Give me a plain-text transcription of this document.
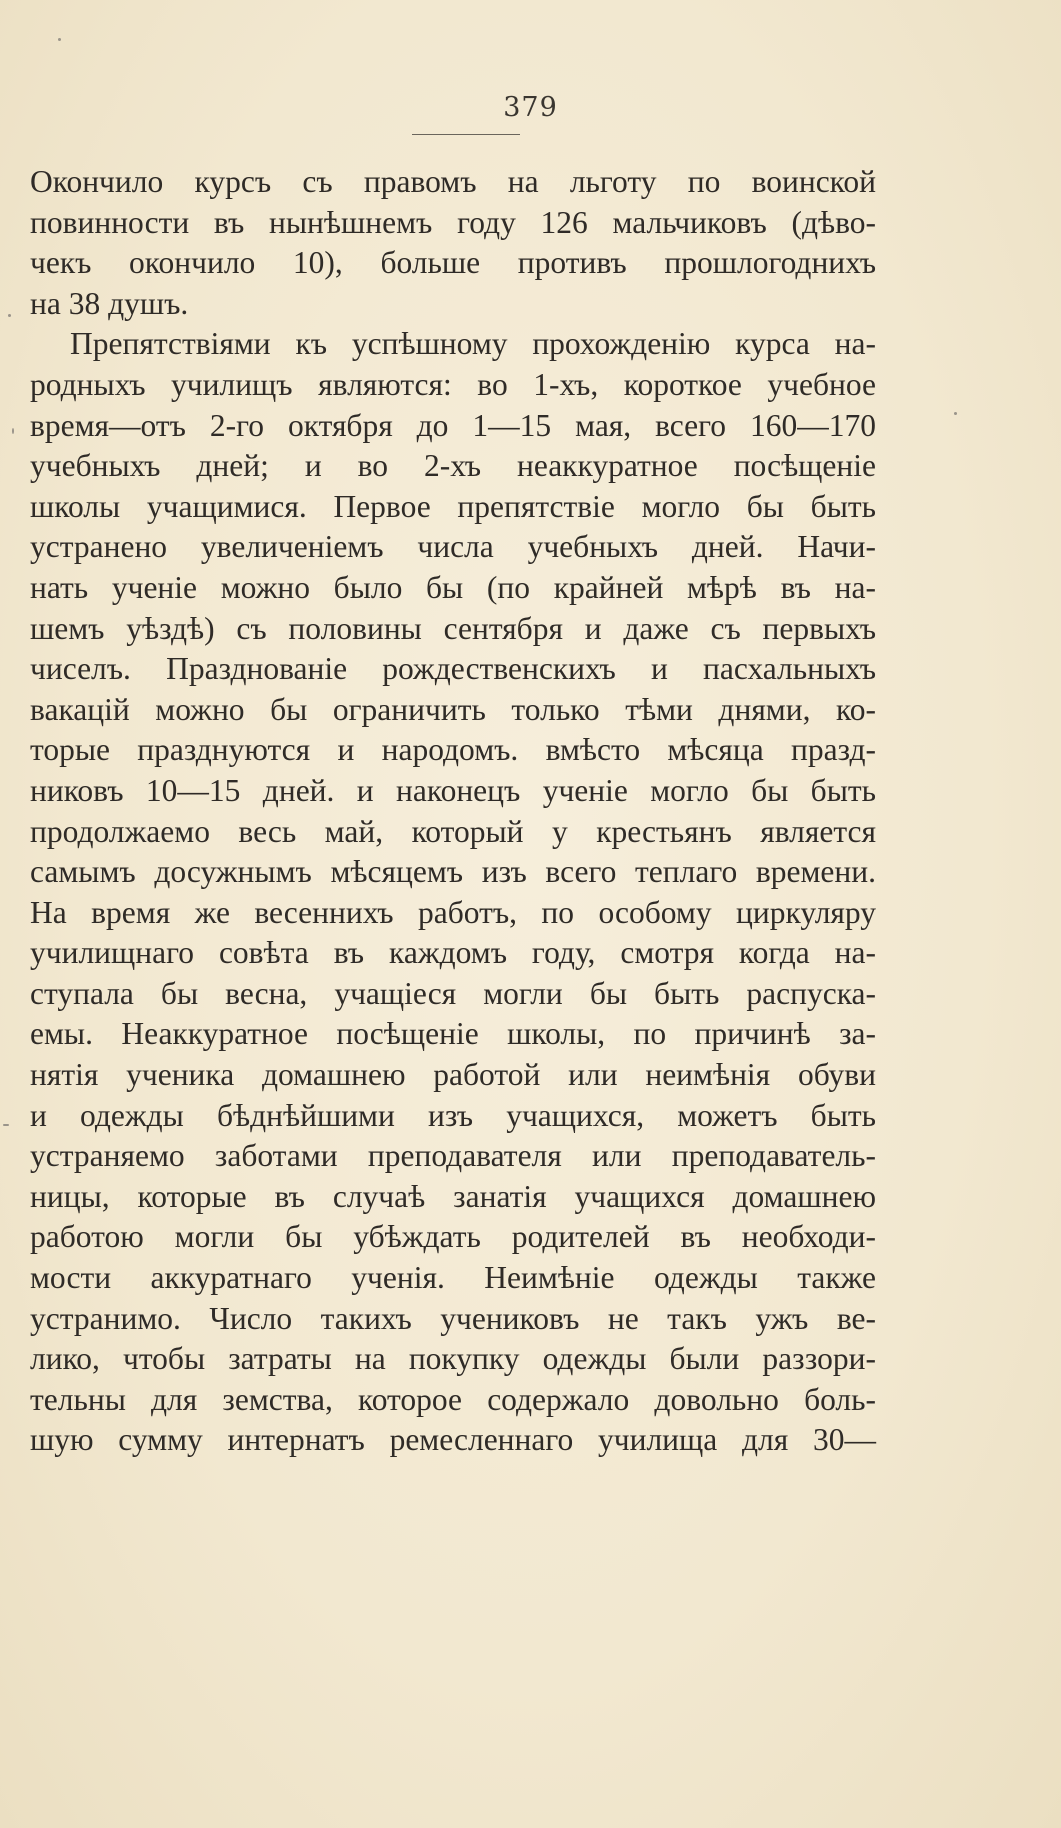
379
Окончило курсъ съ правомъ на льготу по воинской
повинности въ нынѣшнемъ году 126 мальчиковъ (дѣво-
чекъ окончило 10), больше противъ прошлогоднихъ
на 38 душъ.
Препятствіями къ успѣшному прохожденію курса на-
родныхъ училищъ являются: во 1-хъ, короткое учебное
время—отъ 2-го октября до 1—15 мая, всего 160—170
учебныхъ дней; и во 2-хъ неаккуратное посѣщеніе
школы учащимися. Первое препятствіе могло бы быть
устранено увеличеніемъ числа учебныхъ дней. Начи-
нать ученіе можно было бы (по крайней мѣрѣ въ на-
шемъ уѣздѣ) съ половины сентября и даже съ первыхъ
чиселъ. Празднованіе рождественскихъ и пасхальныхъ
вакацій можно бы ограничить только тѣми днями, ко-
торые празднуются и народомъ. вмѣсто мѣсяца празд-
никовъ 10—15 дней. и наконецъ ученіе могло бы быть
продолжаемо весь май, который у крестьянъ является
самымъ досужнымъ мѣсяцемъ изъ всего теплаго времени.
На время же весеннихъ работъ, по особому циркуляру
училищнаго совѣта въ каждомъ году, смотря когда на-
ступала бы весна, учащіеся могли бы быть распуска-
емы. Неаккуратное посѣщеніе школы, по причинѣ за-
нятія ученика домашнею работой или неимѣнія обуви
и одежды бѣднѣйшими изъ учащихся, можетъ быть
устраняемо заботами преподавателя или преподаватель-
ницы, которые въ случаѣ занатія учащихся домашнею
работою могли бы убѣждать родителей въ необходи-
мости аккуратнаго ученія. Неимѣніе одежды также
устранимо. Число такихъ учениковъ не такъ ужъ ве-
лико, чтобы затраты на покупку одежды были раззори-
тельны для земства, которое содержало довольно боль-
шую сумму интернатъ ремесленнаго училища для 30—
